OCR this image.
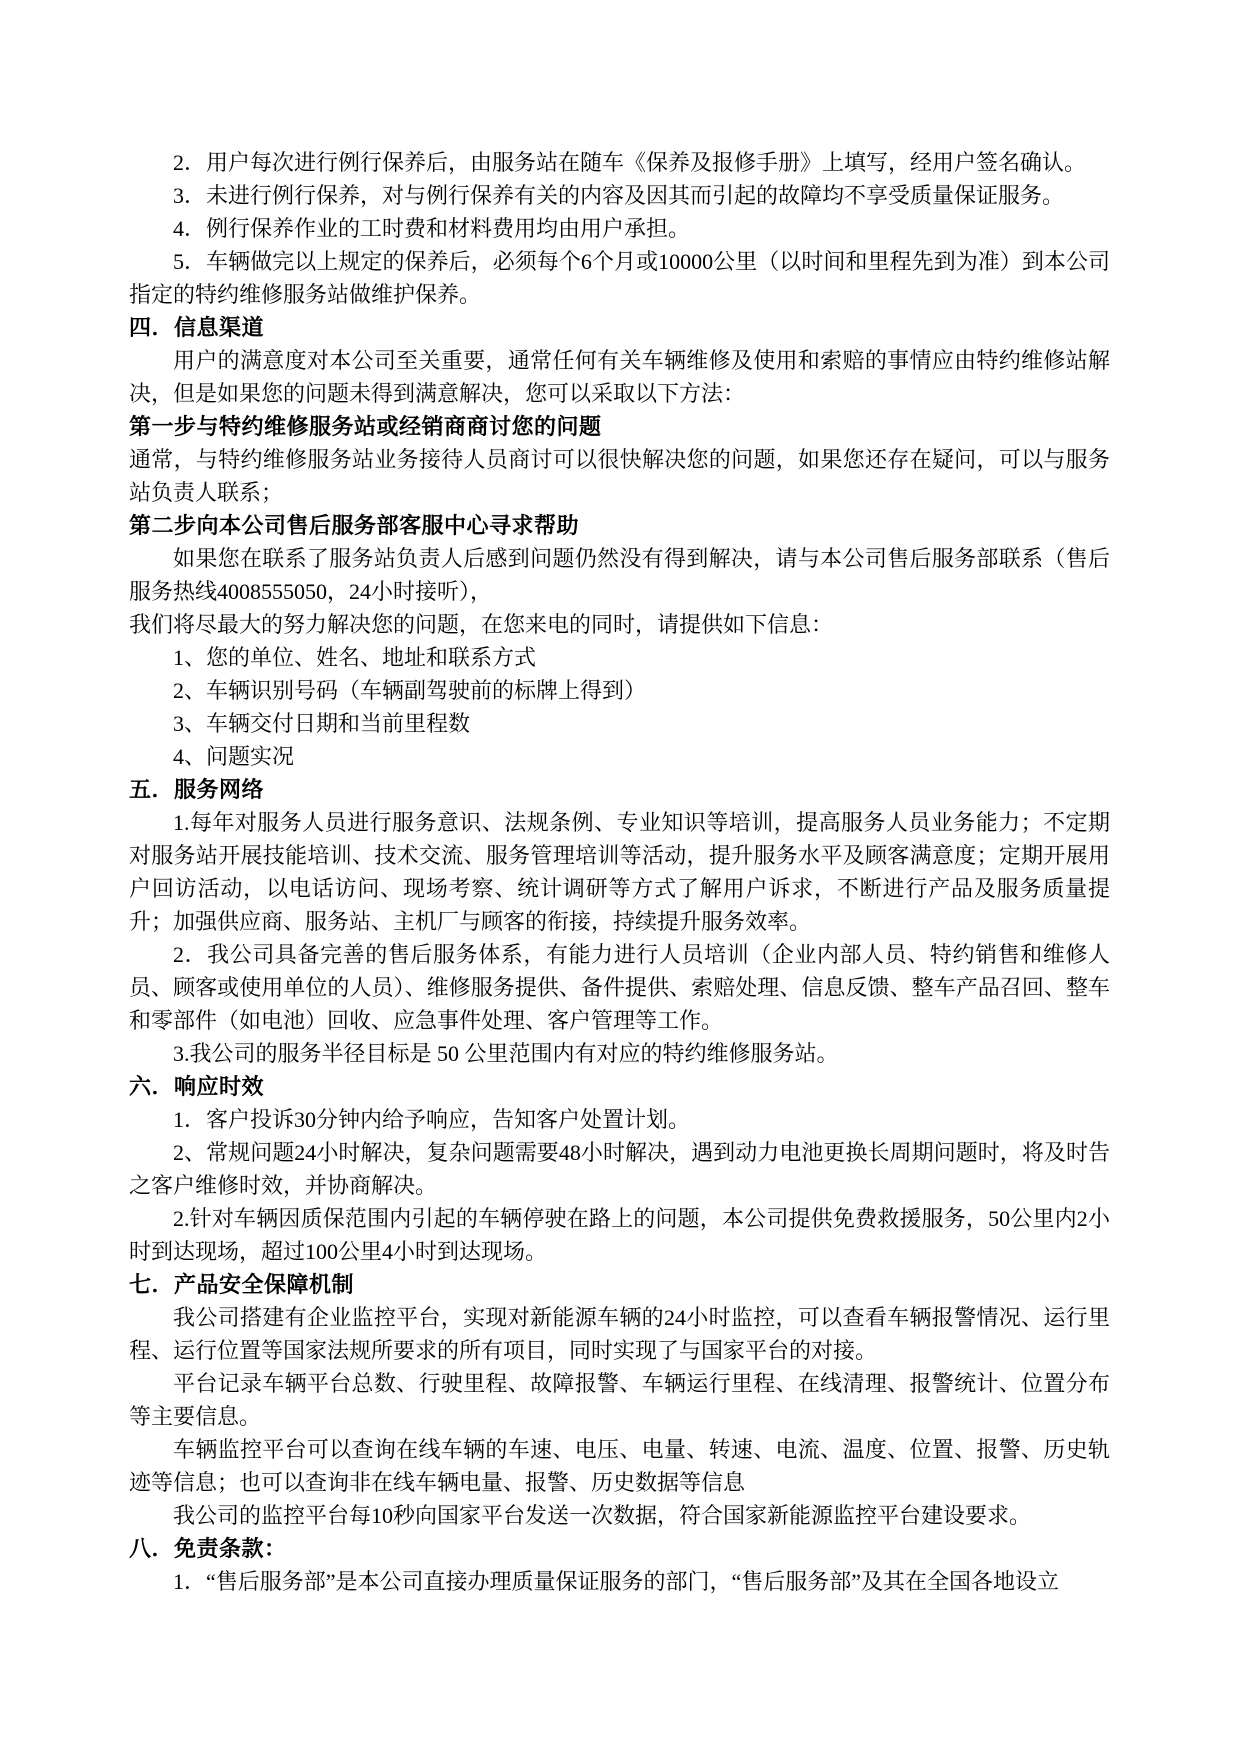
2．用户每次进行例行保养后，由服务站在随车《保养及报修手册》上填写，经用户签名确认。

3．未进行例行保养，对与例行保养有关的内容及因其而引起的故障均不享受质量保证服务。

4．例行保养作业的工时费和材料费用均由用户承担。

5．车辆做完以上规定的保养后，必须每个6个月或10000公里（以时间和里程先到为准）到本公司指定的特约维修服务站做维护保养。

四．信息渠道

用户的满意度对本公司至关重要，通常任何有关车辆维修及使用和索赔的事情应由特约维修站解决，但是如果您的问题未得到满意解决，您可以采取以下方法：

第一步与特约维修服务站或经销商商讨您的问题

通常，与特约维修服务站业务接待人员商讨可以很快解决您的问题，如果您还存在疑问，可以与服务站负责人联系；

第二步向本公司售后服务部客服中心寻求帮助

如果您在联系了服务站负责人后感到问题仍然没有得到解决，请与本公司售后服务部联系（售后服务热线4008555050，24小时接听），

我们将尽最大的努力解决您的问题，在您来电的同时，请提供如下信息：

1、您的单位、姓名、地址和联系方式

2、车辆识别号码（车辆副驾驶前的标牌上得到）

3、车辆交付日期和当前里程数

4、问题实况

五．服务网络

1.每年对服务人员进行服务意识、法规条例、专业知识等培训，提高服务人员业务能力；不定期对服务站开展技能培训、技术交流、服务管理培训等活动，提升服务水平及顾客满意度；定期开展用户回访活动，以电话访问、现场考察、统计调研等方式了解用户诉求，不断进行产品及服务质量提升；加强供应商、服务站、主机厂与顾客的衔接，持续提升服务效率。

2．我公司具备完善的售后服务体系，有能力进行人员培训（企业内部人员、特约销售和维修人员、顾客或使用单位的人员）、维修服务提供、备件提供、索赔处理、信息反馈、整车产品召回、整车和零部件（如电池）回收、应急事件处理、客户管理等工作。

3.我公司的服务半径目标是 50 公里范围内有对应的特约维修服务站。

六．响应时效

1．客户投诉30分钟内给予响应，告知客户处置计划。

2、常规问题24小时解决，复杂问题需要48小时解决，遇到动力电池更换长周期问题时，将及时告之客户维修时效，并协商解决。

2.针对车辆因质保范围内引起的车辆停驶在路上的问题，本公司提供免费救援服务，50公里内2小时到达现场，超过100公里4小时到达现场。

七．产品安全保障机制

我公司搭建有企业监控平台，实现对新能源车辆的24小时监控，可以查看车辆报警情况、运行里程、运行位置等国家法规所要求的所有项目，同时实现了与国家平台的对接。

平台记录车辆平台总数、行驶里程、故障报警、车辆运行里程、在线清理、报警统计、位置分布等主要信息。

车辆监控平台可以查询在线车辆的车速、电压、电量、转速、电流、温度、位置、报警、历史轨迹等信息；也可以查询非在线车辆电量、报警、历史数据等信息

我公司的监控平台每10秒向国家平台发送一次数据，符合国家新能源监控平台建设要求。

八．免责条款：

1．“售后服务部”是本公司直接办理质量保证服务的部门，“售后服务部”及其在全国各地设立
